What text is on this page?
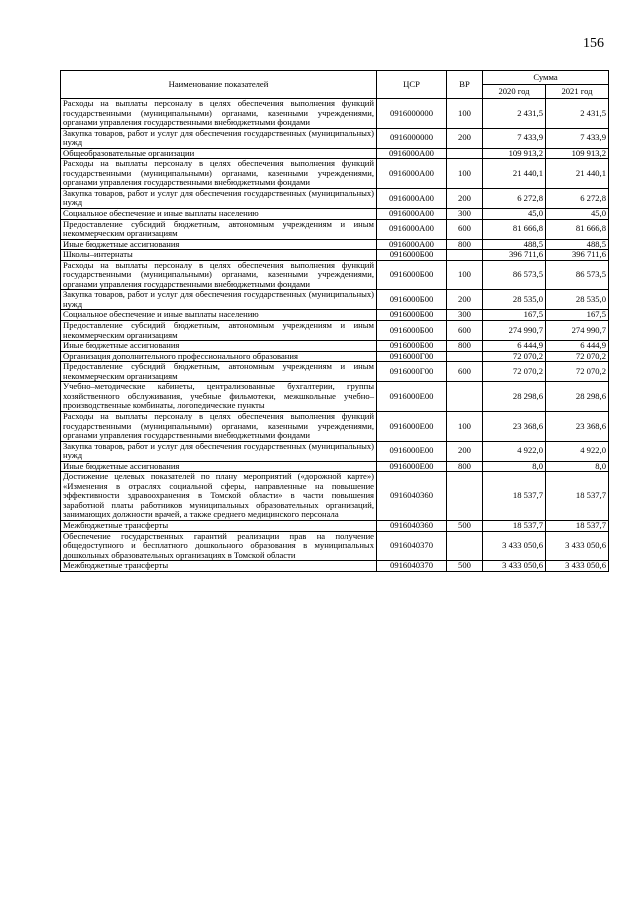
156
Наименование показателей	ЦСР	ВР	Сумма	
			2020 год	2021 год
Расходы на выплаты персоналу в целях обеспечения выполнения функций государственными (муниципальными) органами, казенными учреждениями, органами управления государственными внебюджетными фондами	0916000000	100	2 431,5	2 431,5
Закупка товаров, работ и услуг для обеспечения государственных (муниципальных) нужд	0916000000	200	7 433,9	7 433,9
Общеобразовательные организации	0916000А00		109 913,2	109 913,2
Расходы на выплаты персоналу в целях обеспечения выполнения функций государственными (муниципальными) органами, казенными учреждениями, органами управления государственными внебюджетными фондами	0916000А00	100	21 440,1	21 440,1
Закупка товаров, работ и услуг для обеспечения государственных (муниципальных) нужд	0916000А00	200	6 272,8	6 272,8
Социальное обеспечение и иные выплаты населению	0916000А00	300	45,0	45,0
Предоставление субсидий бюджетным, автономным учреждениям и иным некоммерческим организациям	0916000А00	600	81 666,8	81 666,8
Иные бюджетные ассигнования	0916000А00	800	488,5	488,5
Школы–интернаты	0916000Б00		396 711,6	396 711,6
Расходы на выплаты персоналу в целях обеспечения выполнения функций государственными (муниципальными) органами, казенными учреждениями, органами управления государственными внебюджетными фондами	0916000Б00	100	86 573,5	86 573,5
Закупка товаров, работ и услуг для обеспечения государственных (муниципальных) нужд	0916000Б00	200	28 535,0	28 535,0
Социальное обеспечение и иные выплаты населению	0916000Б00	300	167,5	167,5
Предоставление субсидий бюджетным, автономным учреждениям и иным некоммерческим организациям	0916000Б00	600	274 990,7	274 990,7
Иные бюджетные ассигнования	0916000Б00	800	6 444,9	6 444,9
Организация дополнительного профессионального образования	0916000Г00		72 070,2	72 070,2
Предоставление субсидий бюджетным, автономным учреждениям и иным некоммерческим организациям	0916000Г00	600	72 070,2	72 070,2
Учебно–методические кабинеты, централизованные бухгалтерии, группы хозяйственного обслуживания, учебные фильмотеки, межшкольные учебно–производственные комбинаты, логопедические пункты	0916000Е00		28 298,6	28 298,6
Расходы на выплаты персоналу в целях обеспечения выполнения функций государственными (муниципальными) органами, казенными учреждениями, органами управления государственными внебюджетными фондами	0916000Е00	100	23 368,6	23 368,6
Закупка товаров, работ и услуг для обеспечения государственных (муниципальных) нужд	0916000Е00	200	4 922,0	4 922,0
Иные бюджетные ассигнования	0916000Е00	800	8,0	8,0
Достижение целевых показателей по плану мероприятий («дорожной карте») «Изменения в отраслях социальной сферы, направленные на повышение эффективности здравоохранения в Томской области» в части повышения заработной платы работников муниципальных образовательных организаций, занимающих должности врачей, а также среднего медицинского персонала	0916040360		18 537,7	18 537,7
Межбюджетные трансферты	0916040360	500	18 537,7	18 537,7
Обеспечение государственных гарантий реализации прав на получение общедоступного и бесплатного дошкольного образования в муниципальных дошкольных образовательных организациях в Томской области	0916040370		3 433 050,6	3 433 050,6
Межбюджетные трансферты	0916040370	500	3 433 050,6	3 433 050,6
